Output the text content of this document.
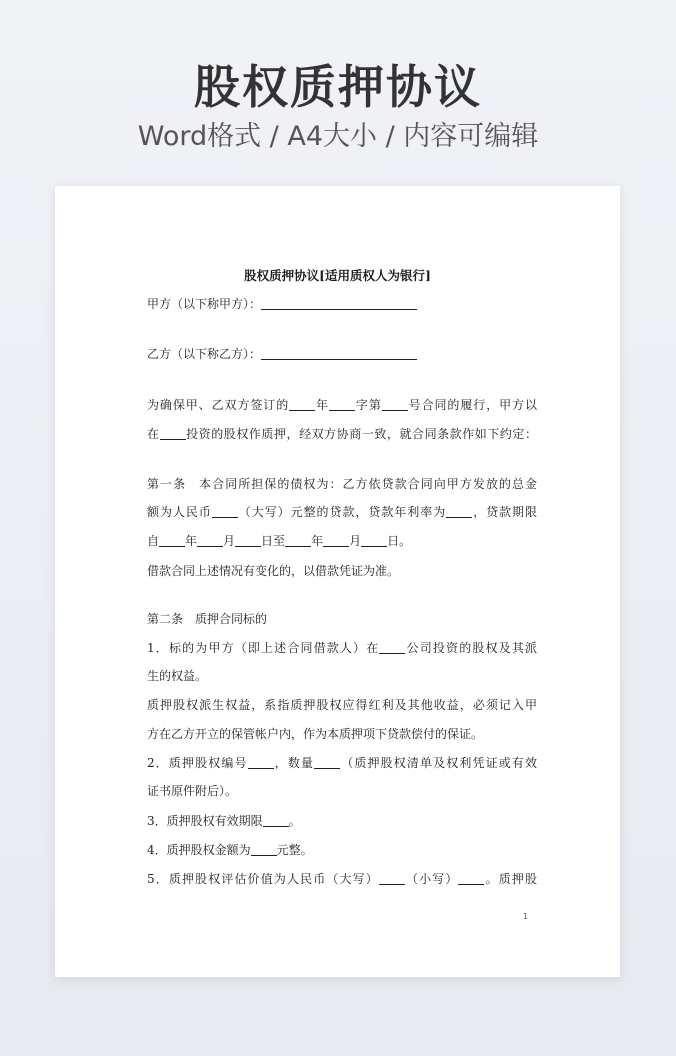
股权质押协议
Word格式 / A4大小 / 内容可编辑
股权质押协议[适用质权人为银行]
甲方（以下称甲方）：
乙方（以下称乙方）：
为确保甲、乙双方签订的 年 字第 号合同的履行，甲方以
在 投资的股权作质押，经双方协商一致，就合同条款作如下约定：
第一条　本合同所担保的债权为：乙方依贷款合同向甲方发放的总金
额为人民币 （大写）元整的贷款，贷款年利率为 ，贷款期限
自 年 月 日至 年 月 日。
借款合同上述情况有变化的，以借款凭证为准。
第二条　质押合同标的
1．标的为甲方（即上述合同借款人）在 公司投资的股权及其派
生的权益。
质押股权派生权益，系指质押股权应得红利及其他收益，必须记入甲
方在乙方开立的保管帐户内，作为本质押项下贷款偿付的保证。
2．质押股权编号 ，数量 （质押股权清单及权利凭证或有效
证书原件附后）。
3．质押股权有效期限 。
4．质押股权金额为 元整。
5．质押股权评估价值为人民币（大写） （小写） 。质押股
1
